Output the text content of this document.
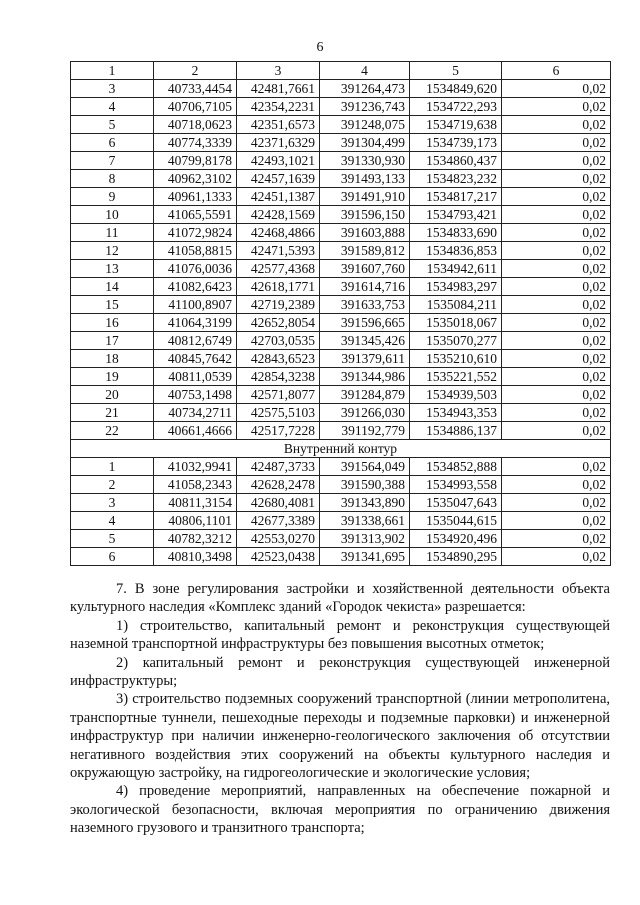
6
1	2	3	4	5	6
3	40733,4454	42481,7661	391264,473	1534849,620	0,02
4	40706,7105	42354,2231	391236,743	1534722,293	0,02
5	40718,0623	42351,6573	391248,075	1534719,638	0,02
6	40774,3339	42371,6329	391304,499	1534739,173	0,02
7	40799,8178	42493,1021	391330,930	1534860,437	0,02
8	40962,3102	42457,1639	391493,133	1534823,232	0,02
9	40961,1333	42451,1387	391491,910	1534817,217	0,02
10	41065,5591	42428,1569	391596,150	1534793,421	0,02
11	41072,9824	42468,4866	391603,888	1534833,690	0,02
12	41058,8815	42471,5393	391589,812	1534836,853	0,02
13	41076,0036	42577,4368	391607,760	1534942,611	0,02
14	41082,6423	42618,1771	391614,716	1534983,297	0,02
15	41100,8907	42719,2389	391633,753	1535084,211	0,02
16	41064,3199	42652,8054	391596,665	1535018,067	0,02
17	40812,6749	42703,0535	391345,426	1535070,277	0,02
18	40845,7642	42843,6523	391379,611	1535210,610	0,02
19	40811,0539	42854,3238	391344,986	1535221,552	0,02
20	40753,1498	42571,8077	391284,879	1534939,503	0,02
21	40734,2711	42575,5103	391266,030	1534943,353	0,02
22	40661,4666	42517,7228	391192,779	1534886,137	0,02
Внутренний контур					
1	41032,9941	42487,3733	391564,049	1534852,888	0,02
2	41058,2343	42628,2478	391590,388	1534993,558	0,02
3	40811,3154	42680,4081	391343,890	1535047,643	0,02
4	40806,1101	42677,3389	391338,661	1535044,615	0,02
5	40782,3212	42553,0270	391313,902	1534920,496	0,02
6	40810,3498	42523,0438	391341,695	1534890,295	0,02

7. В зоне регулирования застройки и хозяйственной деятельности объекта культурного наследия «Комплекс зданий «Городок чекиста» разрешается:

1) строительство, капитальный ремонт и реконструкция существующей наземной транспортной инфраструктуры без повышения высотных отметок;

2) капитальный ремонт и реконструкция существующей инженерной инфраструктуры;

3) строительство подземных сооружений транспортной (линии метрополитена, транспортные туннели, пешеходные переходы и подземные парковки) и инженерной инфраструктур при наличии инженерно-геологического заключения об отсутствии негативного воздействия этих сооружений на объекты культурного наследия и окружающую застройку, на гидрогеологические и экологические условия;

4) проведение мероприятий, направленных на обеспечение пожарной и экологической безопасности, включая мероприятия по ограничению движения наземного грузового и транзитного транспорта;
